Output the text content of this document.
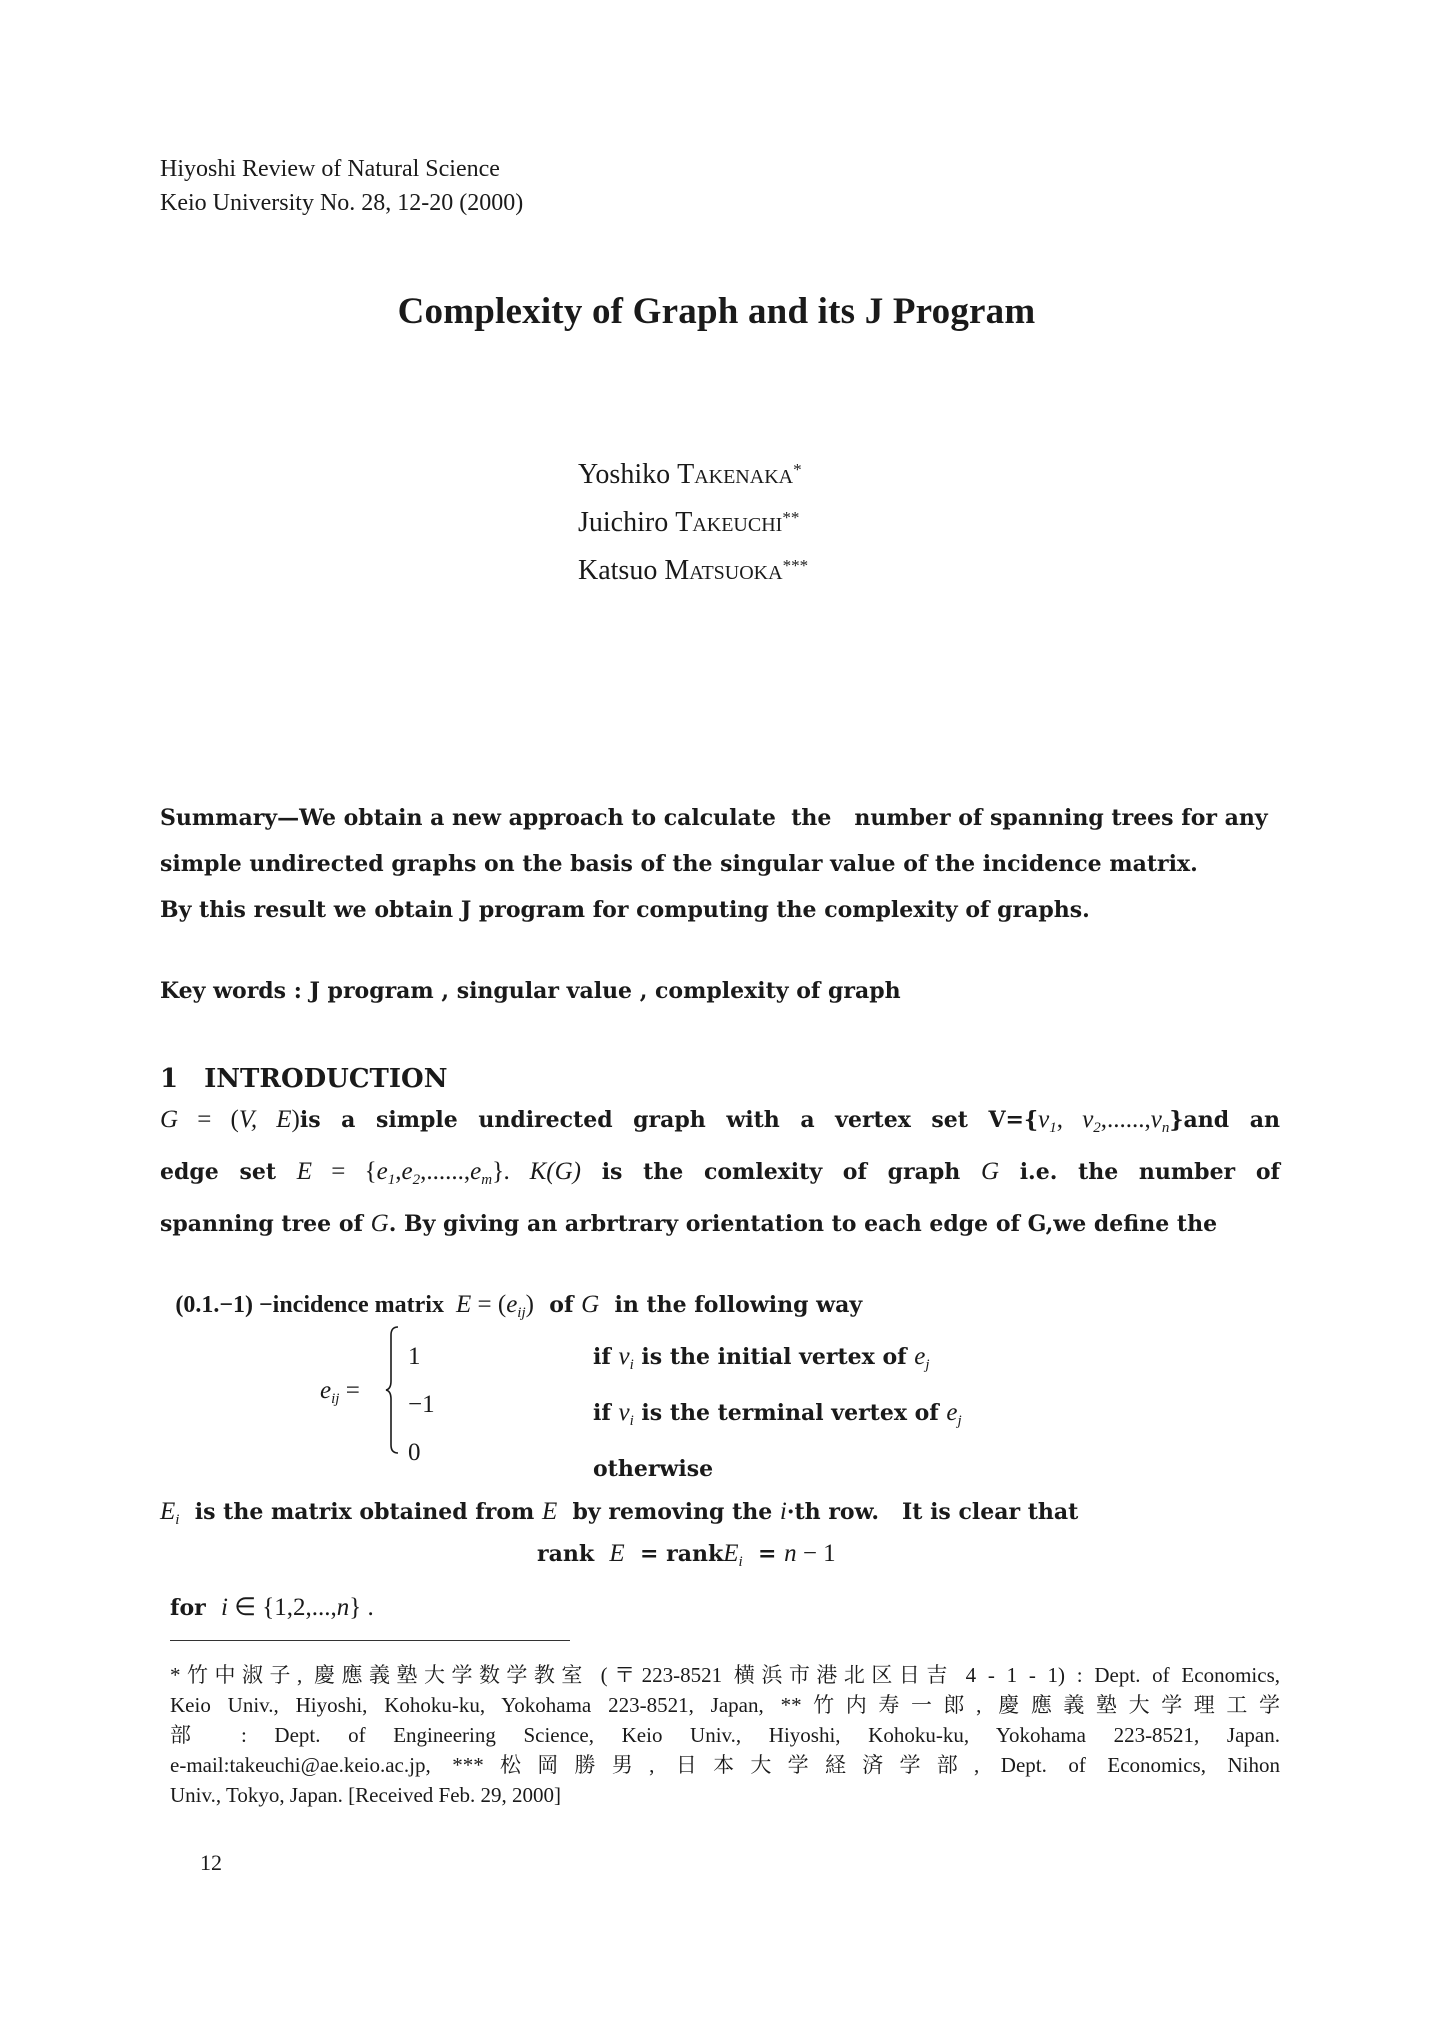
Hiyoshi Review of Natural Science
Keio University No. 28, 12-20 (2000)
Complexity of Graph and its J Program
Yoshiko Takenaka*
Juichiro Takeuchi**
Katsuo Matsuoka***
Summary—We obtain a new approach to calculate  the   number of spanning trees for any
simple undirected graphs on the basis of the singular value of the incidence matrix.
By this result we obtain J program for computing the complexity of graphs.
Key words : J program , singular value , complexity of graph
1 INTRODUCTION
G = (V, E)is a simple undirected graph with a vertex set $V=\{v_1$, $v_2,......,v_n\}and$ an
edge set $E = \{e_1,e_2,......,e_m\}$. K(G) is the comlexity of graph G i.e. the number of
spanning tree of G. By giving an arbrtrary orientation to each edge of G,we define the

(0.1.−1) −incidence matrix  $E = (e_{ij})$  of G  in the following way

$e_{ij}$ =
1
−1
0
if $v_i$ is the initial vertex of $e_j$
if $v_i$ is the terminal vertex of $e_j$
otherwise
$E_i$  is the matrix obtained from E  by removing the i·th row.   It is clear that
rank  E  = rankE$_i$  = n − 1
for  i ∈ {1,2,...,n} .
*竹中淑子, 慶應義塾大学数学教室 (〒223-8521 横浜市港北区日吉 4 - 1 - 1) : Dept. of Economics,
Keio Univ., Hiyoshi, Kohoku-ku, Yokohama 223-8521, Japan, **竹内寿一郎, 慶應義塾大学理工学
部 : Dept. of Engineering Science, Keio Univ., Hiyoshi, Kohoku-ku, Yokohama 223-8521, Japan.
e-mail:takeuchi@ae.keio.ac.jp, ***松岡勝男, 日本大学経済学部, Dept. of Economics, Nihon
Univ., Tokyo, Japan. [Received Feb. 29, 2000]
12
